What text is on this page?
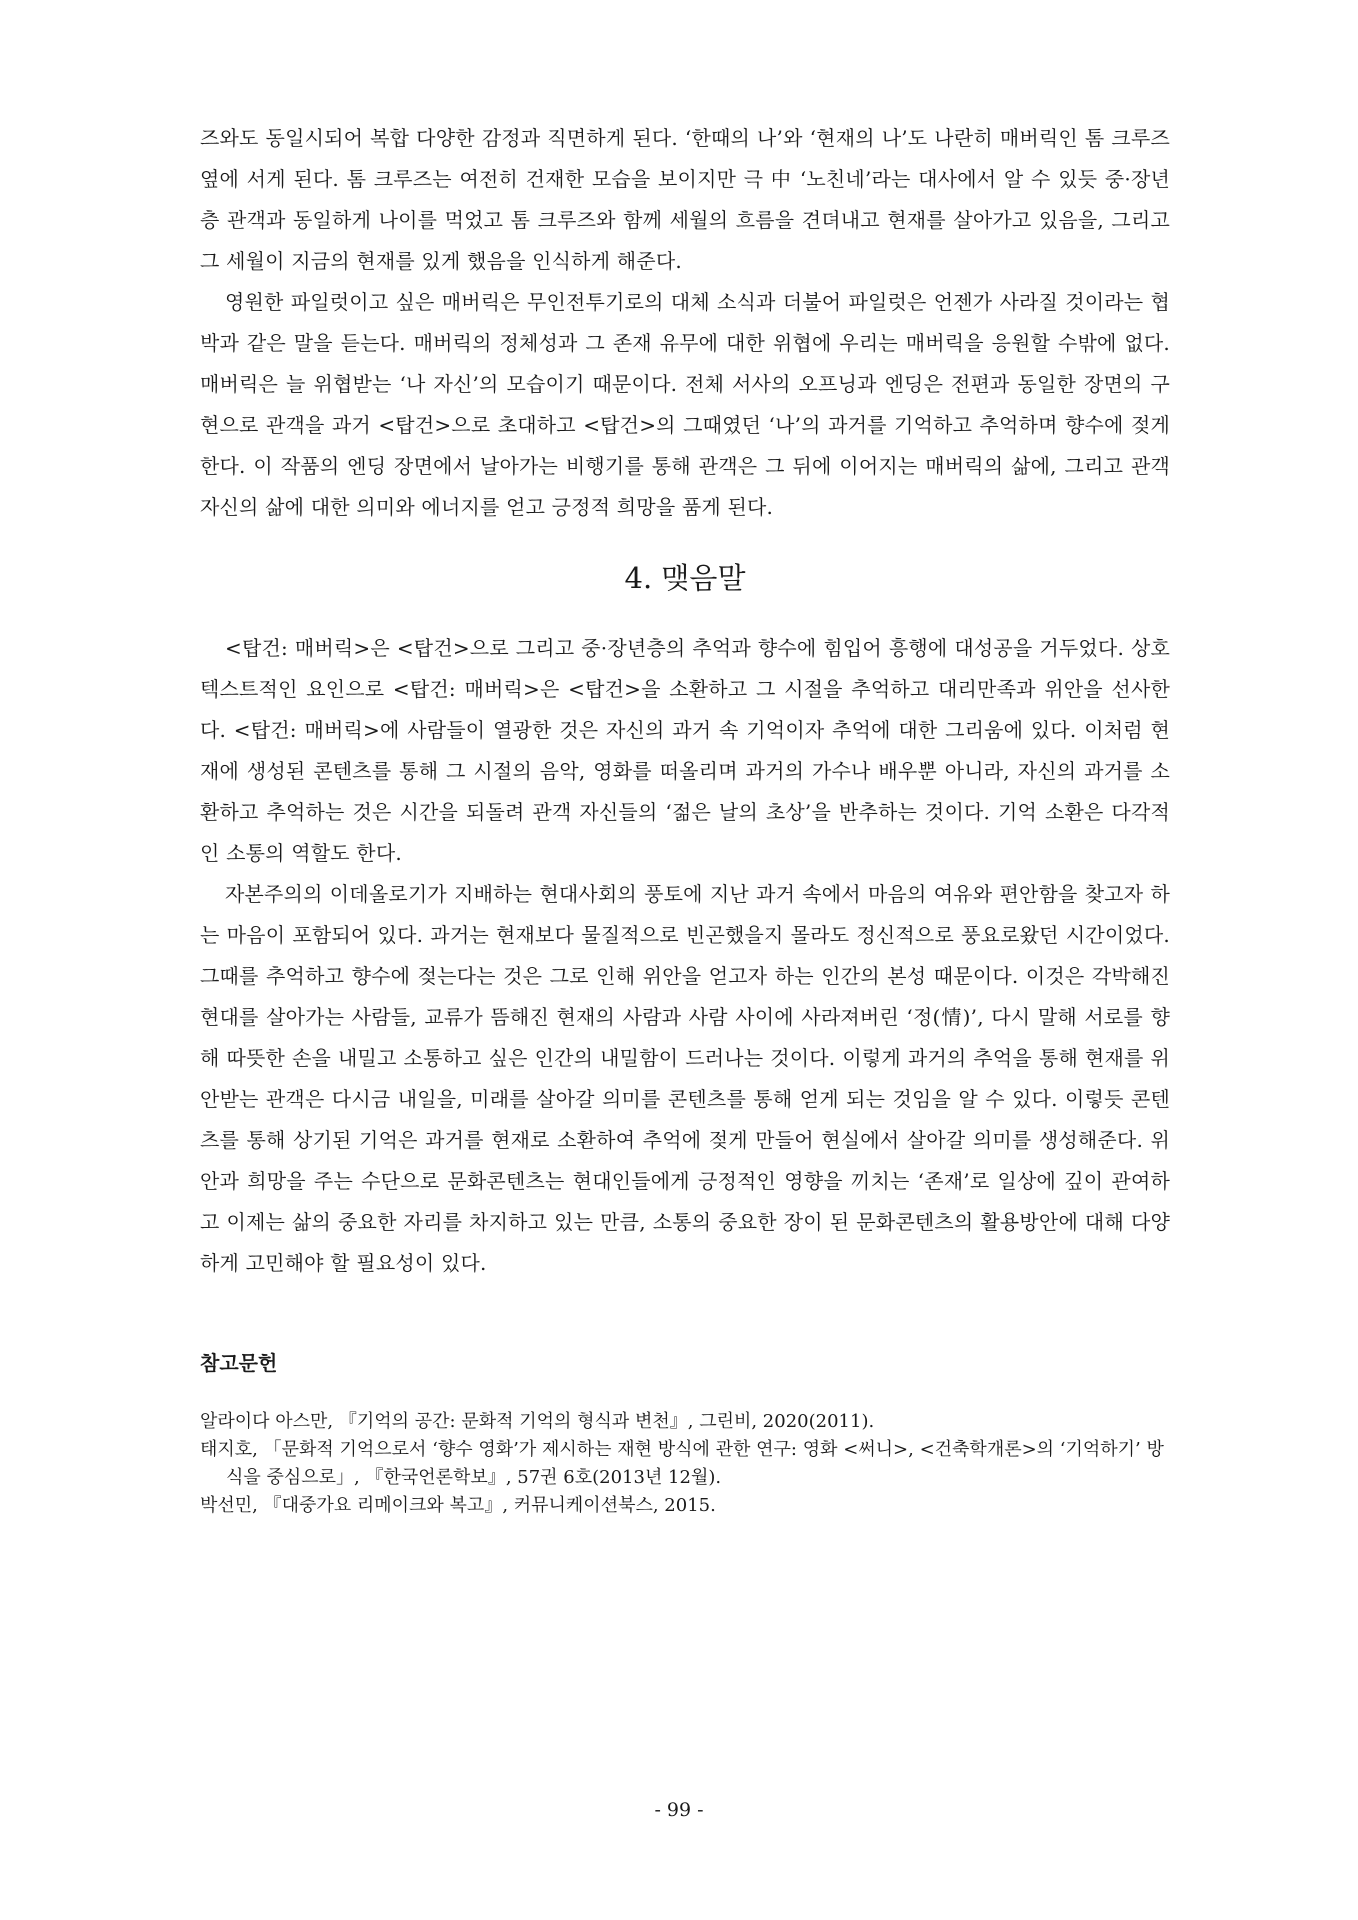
즈와도 동일시되어 복합 다양한 감정과 직면하게 된다. ‘한때의 나’와 ‘현재의 나’도 나란히 매버릭인 톰 크루즈 옆에 서게 된다. 톰 크루즈는 여전히 건재한 모습을 보이지만 극 中 ‘노친네’라는 대사에서 알 수 있듯 중·장년층 관객과 동일하게 나이를 먹었고 톰 크루즈와 함께 세월의 흐름을 견뎌내고 현재를 살아가고 있음을, 그리고 그 세월이 지금의 현재를 있게 했음을 인식하게 해준다.

영원한 파일럿이고 싶은 매버릭은 무인전투기로의 대체 소식과 더불어 파일럿은 언젠가 사라질 것이라는 협박과 같은 말을 듣는다. 매버릭의 정체성과 그 존재 유무에 대한 위협에 우리는 매버릭을 응원할 수밖에 없다. 매버릭은 늘 위협받는 ‘나 자신’의 모습이기 때문이다. 전체 서사의 오프닝과 엔딩은 전편과 동일한 장면의 구현으로 관객을 과거 <탑건>으로 초대하고 <탑건>의 그때였던 ‘나’의 과거를 기억하고 추억하며 향수에 젖게 한다. 이 작품의 엔딩 장면에서 날아가는 비행기를 통해 관객은 그 뒤에 이어지는 매버릭의 삶에, 그리고 관객 자신의 삶에 대한 의미와 에너지를 얻고 긍정적 희망을 품게 된다.

4. 맺음말

<탑건: 매버릭>은 <탑건>으로 그리고 중·장년층의 추억과 향수에 힘입어 흥행에 대성공을 거두었다. 상호텍스트적인 요인으로 <탑건: 매버릭>은 <탑건>을 소환하고 그 시절을 추억하고 대리만족과 위안을 선사한다. <탑건: 매버릭>에 사람들이 열광한 것은 자신의 과거 속 기억이자 추억에 대한 그리움에 있다. 이처럼 현재에 생성된 콘텐츠를 통해 그 시절의 음악, 영화를 떠올리며 과거의 가수나 배우뿐 아니라, 자신의 과거를 소환하고 추억하는 것은 시간을 되돌려 관객 자신들의 ‘젊은 날의 초상’을 반추하는 것이다. 기억 소환은 다각적인 소통의 역할도 한다.

자본주의의 이데올로기가 지배하는 현대사회의 풍토에 지난 과거 속에서 마음의 여유와 편안함을 찾고자 하는 마음이 포함되어 있다. 과거는 현재보다 물질적으로 빈곤했을지 몰라도 정신적으로 풍요로왔던 시간이었다. 그때를 추억하고 향수에 젖는다는 것은 그로 인해 위안을 얻고자 하는 인간의 본성 때문이다. 이것은 각박해진 현대를 살아가는 사람들, 교류가 뜸해진 현재의 사람과 사람 사이에 사라져버린 ‘정(情)’, 다시 말해 서로를 향해 따뜻한 손을 내밀고 소통하고 싶은 인간의 내밀함이 드러나는 것이다. 이렇게 과거의 추억을 통해 현재를 위안받는 관객은 다시금 내일을, 미래를 살아갈 의미를 콘텐츠를 통해 얻게 되는 것임을 알 수 있다. 이렇듯 콘텐츠를 통해 상기된 기억은 과거를 현재로 소환하여 추억에 젖게 만들어 현실에서 살아갈 의미를 생성해준다. 위안과 희망을 주는 수단으로 문화콘텐츠는 현대인들에게 긍정적인 영향을 끼치는 ‘존재’로 일상에 깊이 관여하고 이제는 삶의 중요한 자리를 차지하고 있는 만큼, 소통의 중요한 장이 된 문화콘텐츠의 활용방안에 대해 다양하게 고민해야 할 필요성이 있다.

참고문헌

알라이다 아스만, 『기억의 공간: 문화적 기억의 형식과 변천』, 그린비, 2020(2011).

태지호, 「문화적 기억으로서 ‘향수 영화’가 제시하는 재현 방식에 관한 연구: 영화 <써니>, <건축학개론>의 ‘기억하기’ 방식을 중심으로」, 『한국언론학보』, 57권 6호(2013년 12월).

박선민, 『대중가요 리메이크와 복고』, 커뮤니케이션북스, 2015.

- 99 -
